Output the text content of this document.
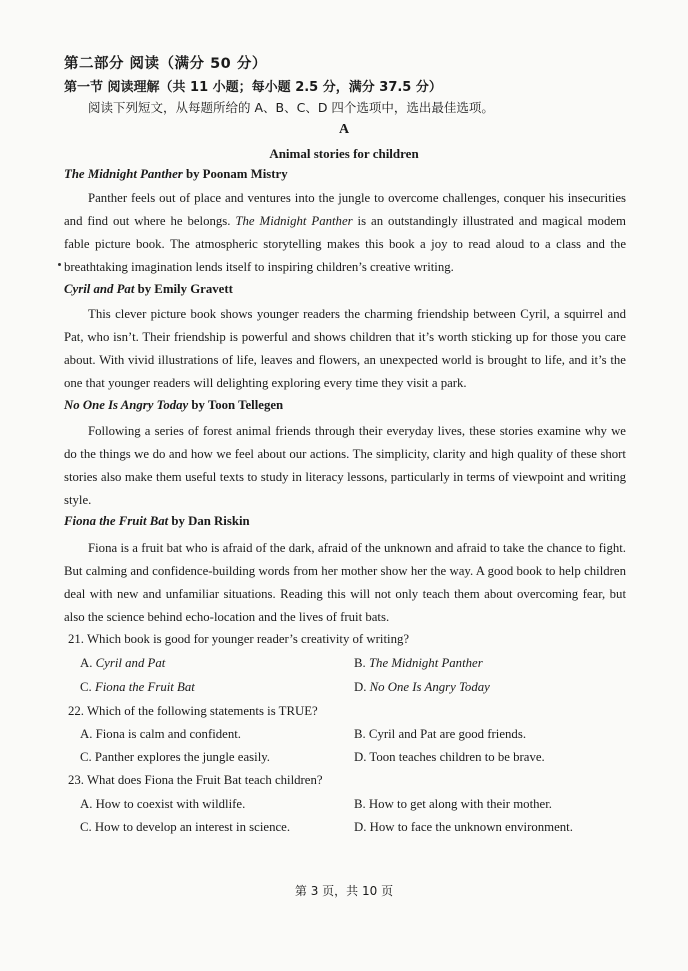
第二部分 阅读（满分 50 分）
第一节 阅读理解（共 11 小题；每小题 2.5 分，满分 37.5 分）
阅读下列短文，从每题所给的 A、B、C、D 四个选项中，选出最佳选项。
A
Animal stories for children
The Midnight Panther by Poonam Mistry
Panther feels out of place and ventures into the jungle to overcome challenges, conquer his insecurities and find out where he belongs. The Midnight Panther is an outstandingly illustrated and magical modem fable picture book. The atmospheric storytelling makes this book a joy to read aloud to a class and the breathtaking imagination lends itself to inspiring children’s creative writing.
Cyril and Pat by Emily Gravett
This clever picture book shows younger readers the charming friendship between Cyril, a squirrel and Pat, who isn’t. Their friendship is powerful and shows children that it’s worth sticking up for those you care about. With vivid illustrations of life, leaves and flowers, an unexpected world is brought to life, and it’s the one that younger readers will delighting exploring every time they visit a park.
No One Is Angry Today by Toon Tellegen
Following a series of forest animal friends through their everyday lives, these stories examine why we do the things we do and how we feel about our actions. The simplicity, clarity and high quality of these short stories also make them useful texts to study in literacy lessons, particularly in terms of viewpoint and writing style.
Fiona the Fruit Bat by Dan Riskin
Fiona is a fruit bat who is afraid of the dark, afraid of the unknown and afraid to take the chance to fight. But calming and confidence-building words from her mother show her the way. A good book to help children deal with new and unfamiliar situations. Reading this will not only teach them about overcoming fear, but also the science behind echo-location and the lives of fruit bats.
21. Which book is good for younger reader’s creativity of writing?
A. Cyril and Pat	B. The Midnight Panther
C. Fiona the Fruit Bat	D. No One Is Angry Today
22. Which of the following statements is TRUE?
A. Fiona is calm and confident.	B. Cyril and Pat are good friends.
C. Panther explores the jungle easily.	D. Toon teaches children to be brave.
23. What does Fiona the Fruit Bat teach children?
A. How to coexist with wildlife.	B. How to get along with their mother.
C. How to develop an interest in science.	D. How to face the unknown environment.
第 3 页，共 10 页
